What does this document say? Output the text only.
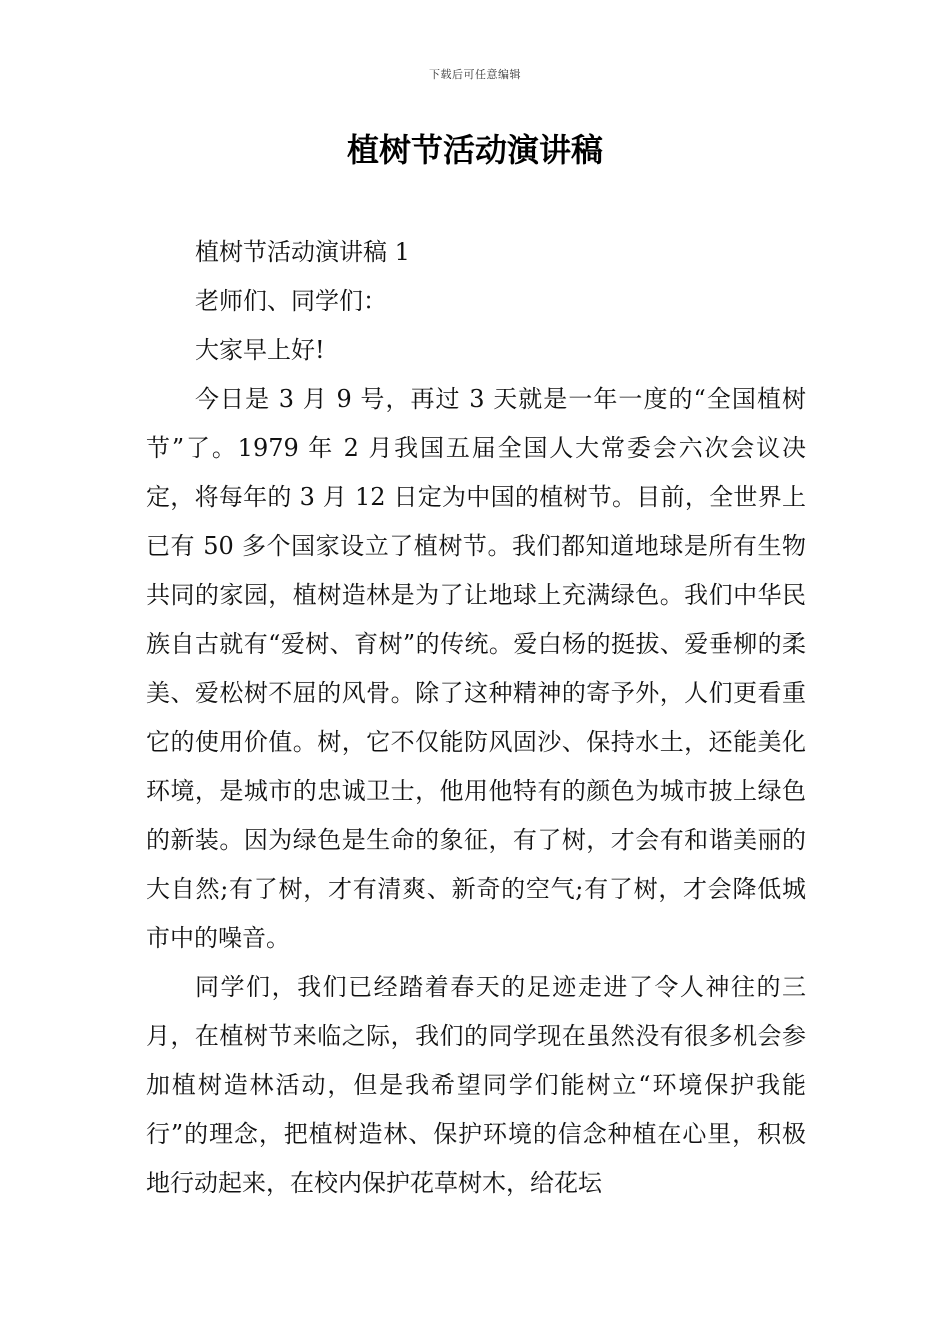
下载后可任意编辑
植树节活动演讲稿

植树节活动演讲稿 1

老师们、同学们：

大家早上好!

今日是 3 月 9 号，再过 3 天就是一年一度的“全国植树节”了。1979 年 2 月我国五届全国人大常委会六次会议决定，将每年的 3 月 12 日定为中国的植树节。目前，全世界上已有 50 多个国家设立了植树节。我们都知道地球是所有生物共同的家园，植树造林是为了让地球上充满绿色。我们中华民族自古就有“爱树、育树”的传统。爱白杨的挺拔、爱垂柳的柔美、爱松树不屈的风骨。除了这种精神的寄予外，人们更看重它的使用价值。树，它不仅能防风固沙、保持水土，还能美化环境，是城市的忠诚卫士，他用他特有的颜色为城市披上绿色的新装。因为绿色是生命的象征，有了树，才会有和谐美丽的大自然;有了树，才有清爽、新奇的空气;有了树，才会降低城市中的噪音。

同学们，我们已经踏着春天的足迹走进了令人神往的三月，在植树节来临之际，我们的同学现在虽然没有很多机会参加植树造林活动，但是我希望同学们能树立“环境保护我能行”的理念，把植树造林、保护环境的信念种植在心里，积极地行动起来，在校内保护花草树木，给花坛
